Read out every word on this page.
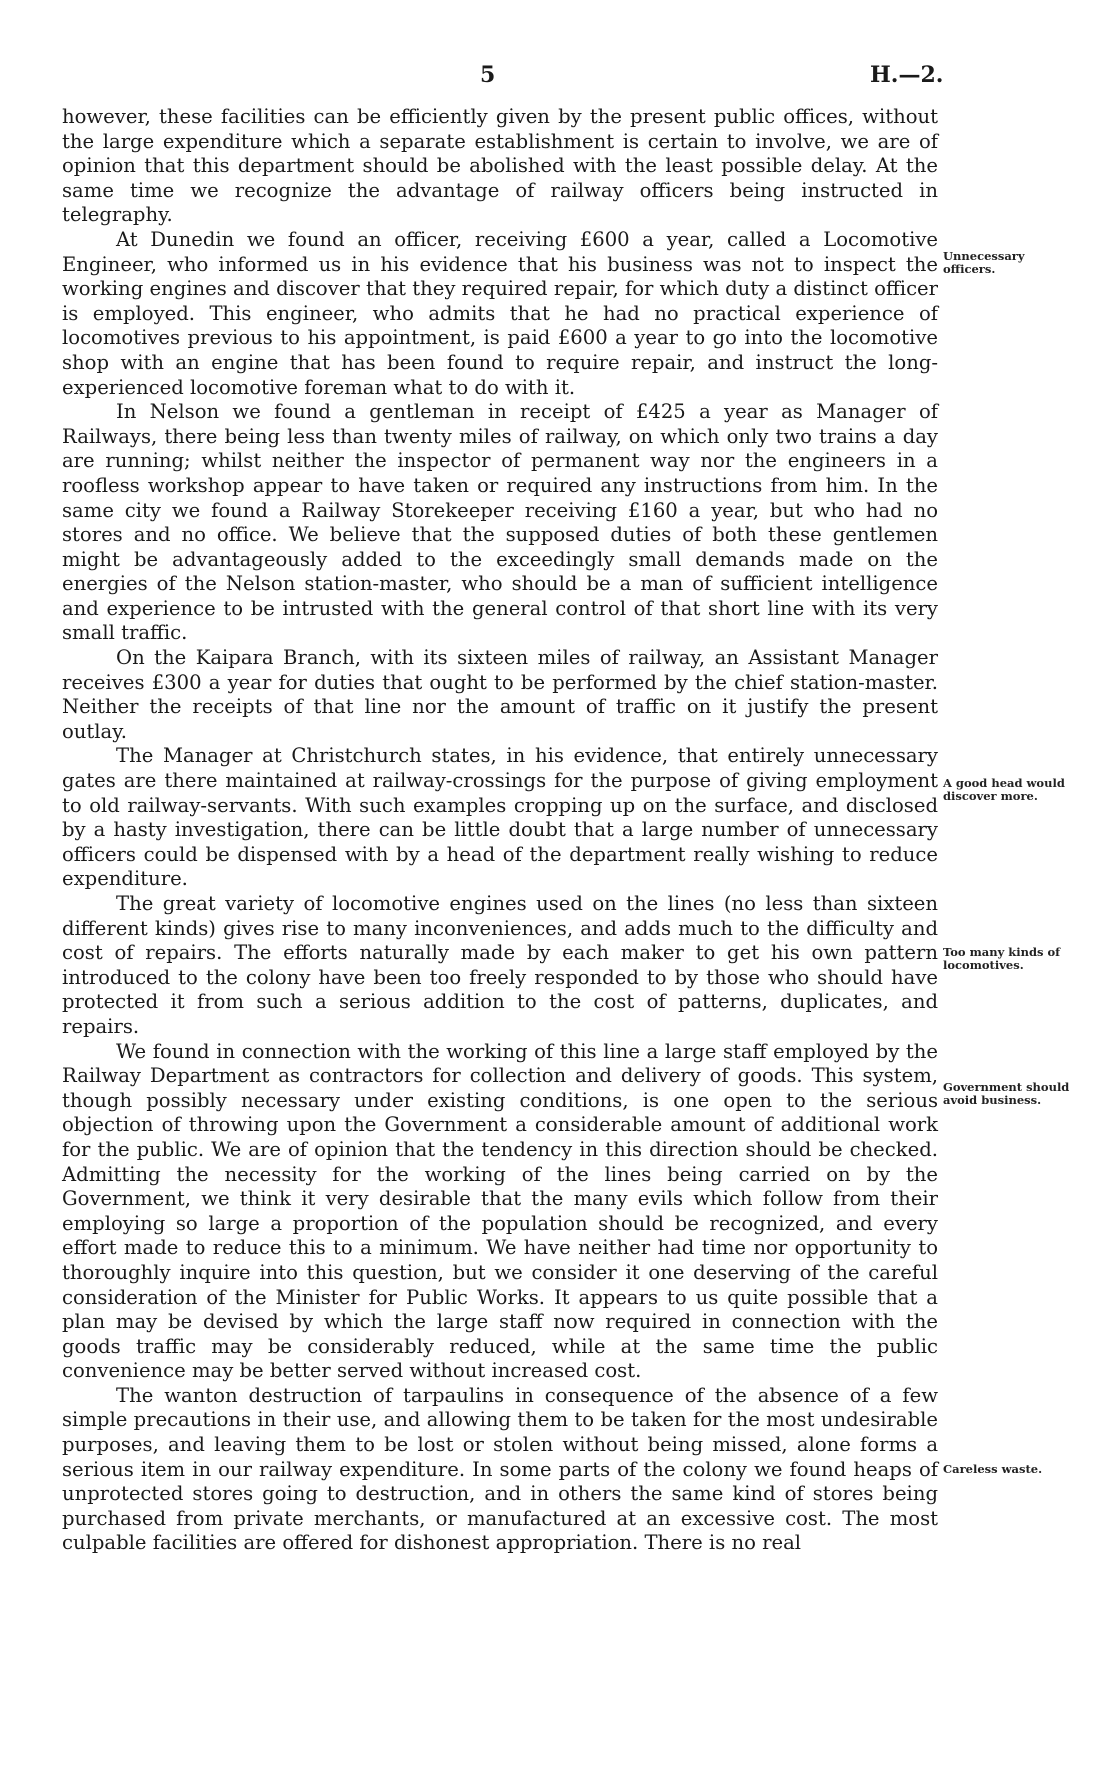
5	H.—2.

however, these facilities can be efficiently given by the present public offices, without the large expenditure which a separate establishment is certain to involve, we are of opinion that this department should be abolished with the least possible delay. At the same time we recognize the advantage of railway officers being instructed in telegraphy.

At Dunedin we found an officer, receiving £600 a year, called a Locomotive Engineer, who informed us in his evidence that his business was not to inspect the working engines and discover that they required repair, for which duty a distinct officer is employed. This engineer, who admits that he had no practical experience of locomotives previous to his appointment, is paid £600 a year to go into the locomotive shop with an engine that has been found to require repair, and instruct the long-experienced locomotive foreman what to do with it.

In Nelson we found a gentleman in receipt of £425 a year as Manager of Railways, there being less than twenty miles of railway, on which only two trains a day are running; whilst neither the inspector of permanent way nor the engineers in a roofless workshop appear to have taken or required any instructions from him. In the same city we found a Railway Storekeeper receiving £160 a year, but who had no stores and no office. We believe that the supposed duties of both these gentlemen might be advantageously added to the exceedingly small demands made on the energies of the Nelson station-master, who should be a man of sufficient intelligence and experience to be intrusted with the general control of that short line with its very small traffic.

On the Kaipara Branch, with its sixteen miles of railway, an Assistant Manager receives £300 a year for duties that ought to be performed by the chief station-master. Neither the receipts of that line nor the amount of traffic on it justify the present outlay.

The Manager at Christchurch states, in his evidence, that entirely unnecessary gates are there maintained at railway-crossings for the purpose of giving employment to old railway-servants. With such examples cropping up on the surface, and disclosed by a hasty investigation, there can be little doubt that a large number of unnecessary officers could be dispensed with by a head of the department really wishing to reduce expenditure.

The great variety of locomotive engines used on the lines (no less than sixteen different kinds) gives rise to many inconveniences, and adds much to the difficulty and cost of repairs. The efforts naturally made by each maker to get his own pattern introduced to the colony have been too freely responded to by those who should have protected it from such a serious addition to the cost of patterns, duplicates, and repairs.

We found in connection with the working of this line a large staff employed by the Railway Department as contractors for collection and delivery of goods. This system, though possibly necessary under existing conditions, is one open to the serious objection of throwing upon the Government a considerable amount of additional work for the public. We are of opinion that the tendency in this direction should be checked. Admitting the necessity for the working of the lines being carried on by the Government, we think it very desirable that the many evils which follow from their employing so large a proportion of the population should be recognized, and every effort made to reduce this to a minimum. We have neither had time nor opportunity to thoroughly inquire into this question, but we consider it one deserving of the careful consideration of the Minister for Public Works. It appears to us quite possible that a plan may be devised by which the large staff now required in connection with the goods traffic may be considerably reduced, while at the same time the public convenience may be better served without increased cost.

The wanton destruction of tarpaulins in consequence of the absence of a few simple precautions in their use, and allowing them to be taken for the most undesirable purposes, and leaving them to be lost or stolen without being missed, alone forms a serious item in our railway expenditure. In some parts of the colony we found heaps of unprotected stores going to destruction, and in others the same kind of stores being purchased from private merchants, or manufactured at an excessive cost. The most culpable facilities are offered for dishonest appropriation. There is no real

Unnecessary officers.
A good head would discover more.
Too many kinds of locomotives.
Government should avoid business.
Careless waste.
